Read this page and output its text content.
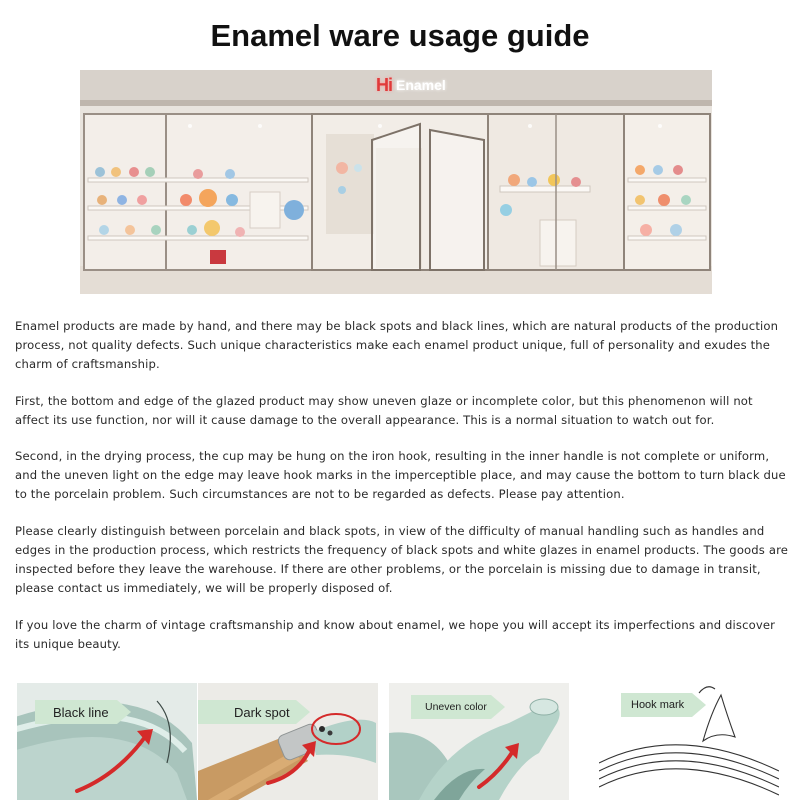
Enamel ware usage guide
Hi Enamel

Enamel products are made by hand, and there may be black spots and black lines, which are natural products of the production process, not quality defects. Such unique characteristics make each enamel product unique, full of personality and exudes the charm of craftsmanship.

First, the bottom and edge of the glazed product may show uneven glaze or incomplete color, but this phenomenon will not affect its use function, nor will it cause damage to the overall appearance. This is a normal situation to watch out for.

Second, in the drying process, the cup may be hung on the iron hook, resulting in the inner handle is not complete or uniform, and the uneven light on the edge may leave hook marks in the imperceptible place, and may cause the bottom to turn black due to the porcelain problem. Such circumstances are not to be regarded as defects. Please pay attention.

Please clearly distinguish between porcelain and black spots, in view of the difficulty of manual handling such as handles and edges in the production process, which restricts the frequency of black spots and white glazes in enamel products. The goods are inspected before they leave the warehouse. If there are other problems, or the porcelain is missing due to damage in transit, please contact us immediately, we will be properly disposed of.

If you love the charm of vintage craftsmanship and know about enamel, we hope you will accept its imperfections and discover its unique beauty.

Black line	Dark spot	Uneven color	Hook mark
